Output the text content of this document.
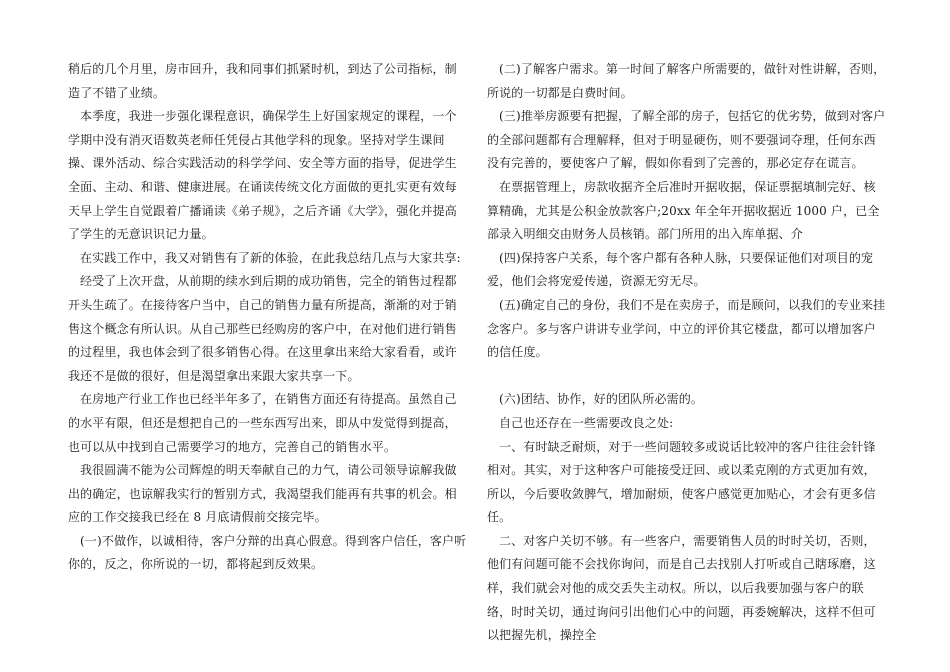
稍后的几个月里，房市回升，我和同事们抓紧时机，到达了公司指标，制造了不错了业绩。

本季度，我进一步强化课程意识，确保学生上好国家规定的课程，一个学期中没有消灭语数英老师任凭侵占其他学科的现象。坚持对学生课间操、课外活动、综合实践活动的科学学问、安全等方面的指导，促进学生全面、主动、和谐、健康进展。在诵读传统文化方面做的更扎实更有效每天早上学生自觉跟着广播诵读《弟子规》，之后齐诵《大学》，强化并提高了学生的无意识识记力量。

在实践工作中，我又对销售有了新的体验，在此我总结几点与大家共享:

经受了上次开盘，从前期的续水到后期的成功销售，完全的销售过程都开头生疏了。在接待客户当中，自己的销售力量有所提高，渐渐的对于销售这个概念有所认识。从自己那些已经购房的客户中，在对他们进行销售的过程里，我也体会到了很多销售心得。在这里拿出来给大家看看，或许我还不是做的很好，但是渴望拿出来跟大家共享一下。

在房地产行业工作也已经半年多了，在销售方面还有待提高。虽然自己的水平有限，但还是想把自己的一些东西写出来，即从中发觉得到提高，也可以从中找到自己需要学习的地方，完善自己的销售水平。

我很圆满不能为公司辉煌的明天奉献自己的力气，请公司领导谅解我做出的确定，也谅解我实行的暂别方式，我渴望我们能再有共事的机会。相应的工作交接我已经在 8 月底请假前交接完毕。

(一)不做作，以诚相待，客户分辩的出真心假意。得到客户信任，客户听你的，反之，你所说的一切，都将起到反效果。

(二)了解客户需求。第一时间了解客户所需要的，做针对性讲解，否则，所说的一切都是白费时间。

(三)推举房源要有把握，了解全部的房子，包括它的优劣势，做到对客户的全部问题都有合理解释，但对于明显硬伤，则不要强词夺理，任何东西没有完善的，要使客户了解，假如你看到了完善的，那必定存在谎言。

在票据管理上，房款收据齐全后准时开据收据，保证票据填制完好、核算精确，尤其是公积金放款客户;20xx 年全年开据收据近 1000 户，已全部录入明细交由财务人员核销。部门所用的出入库单据、介

(四)保持客户关系，每个客户都有各种人脉，只要保证他们对项目的宠爱，他们会将宠爱传递，资源无穷无尽。

(五)确定自己的身份，我们不是在卖房子，而是顾问，以我们的专业来挂念客户。多与客户讲讲专业学问，中立的评价其它楼盘，都可以增加客户的信任度。

(六)团结、协作，好的团队所必需的。

自己也还存在一些需要改良之处:

一、有时缺乏耐烦，对于一些问题较多或说话比较冲的客户往往会针锋相对。其实，对于这种客户可能接受迂回、或以柔克刚的方式更加有效，所以，今后要收敛脾气，增加耐烦，使客户感觉更加贴心，才会有更多信任。

二、对客户关切不够。有一些客户，需要销售人员的时时关切，否则，他们有问题可能不会找你询问，而是自己去找别人打听或自己瞎琢磨，这样，我们就会对他的成交丢失主动权。所以，以后我要加强与客户的联络，时时关切，通过询问引出他们心中的问题，再委婉解决，这样不但可以把握先机，操控全
